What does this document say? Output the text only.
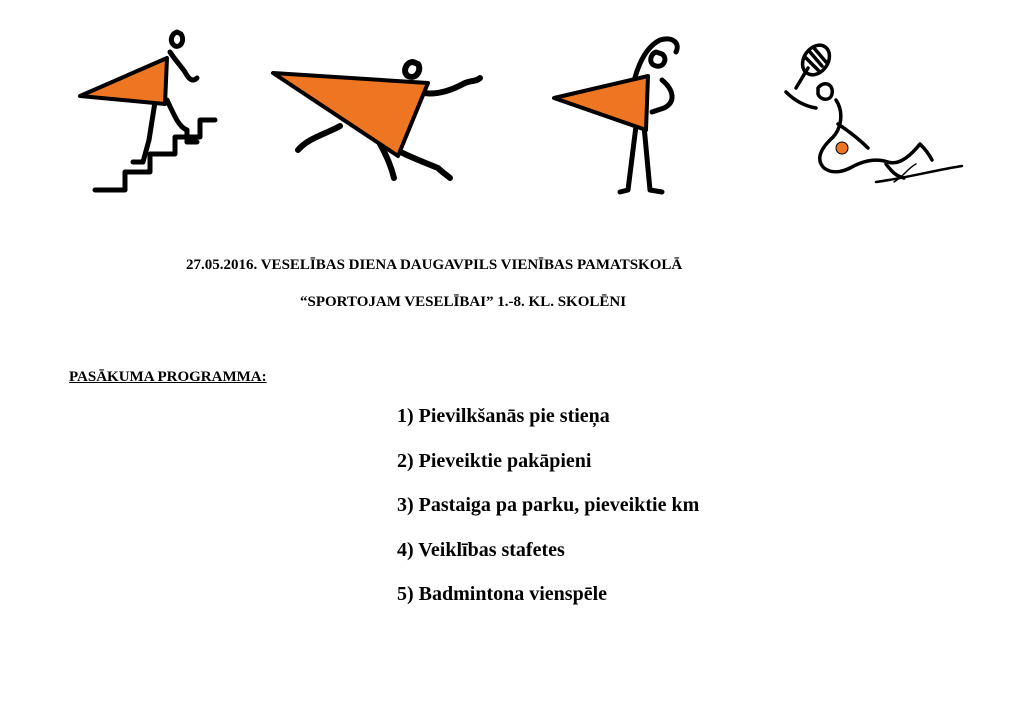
27.05.2016. VESELĪBAS DIENA DAUGAVPILS VIENĪBAS PAMATSKOLĀ
“SPORTOJAM VESELĪBAI” 1.-8. KL. SKOLĒNI
PASĀKUMA PROGRAMMA:
1) Pievilkšanās pie stieņa
2) Pieveiktie pakāpieni
3) Pastaiga pa parku, pieveiktie km
4) Veiklības stafetes
5) Badmintona vienspēle
